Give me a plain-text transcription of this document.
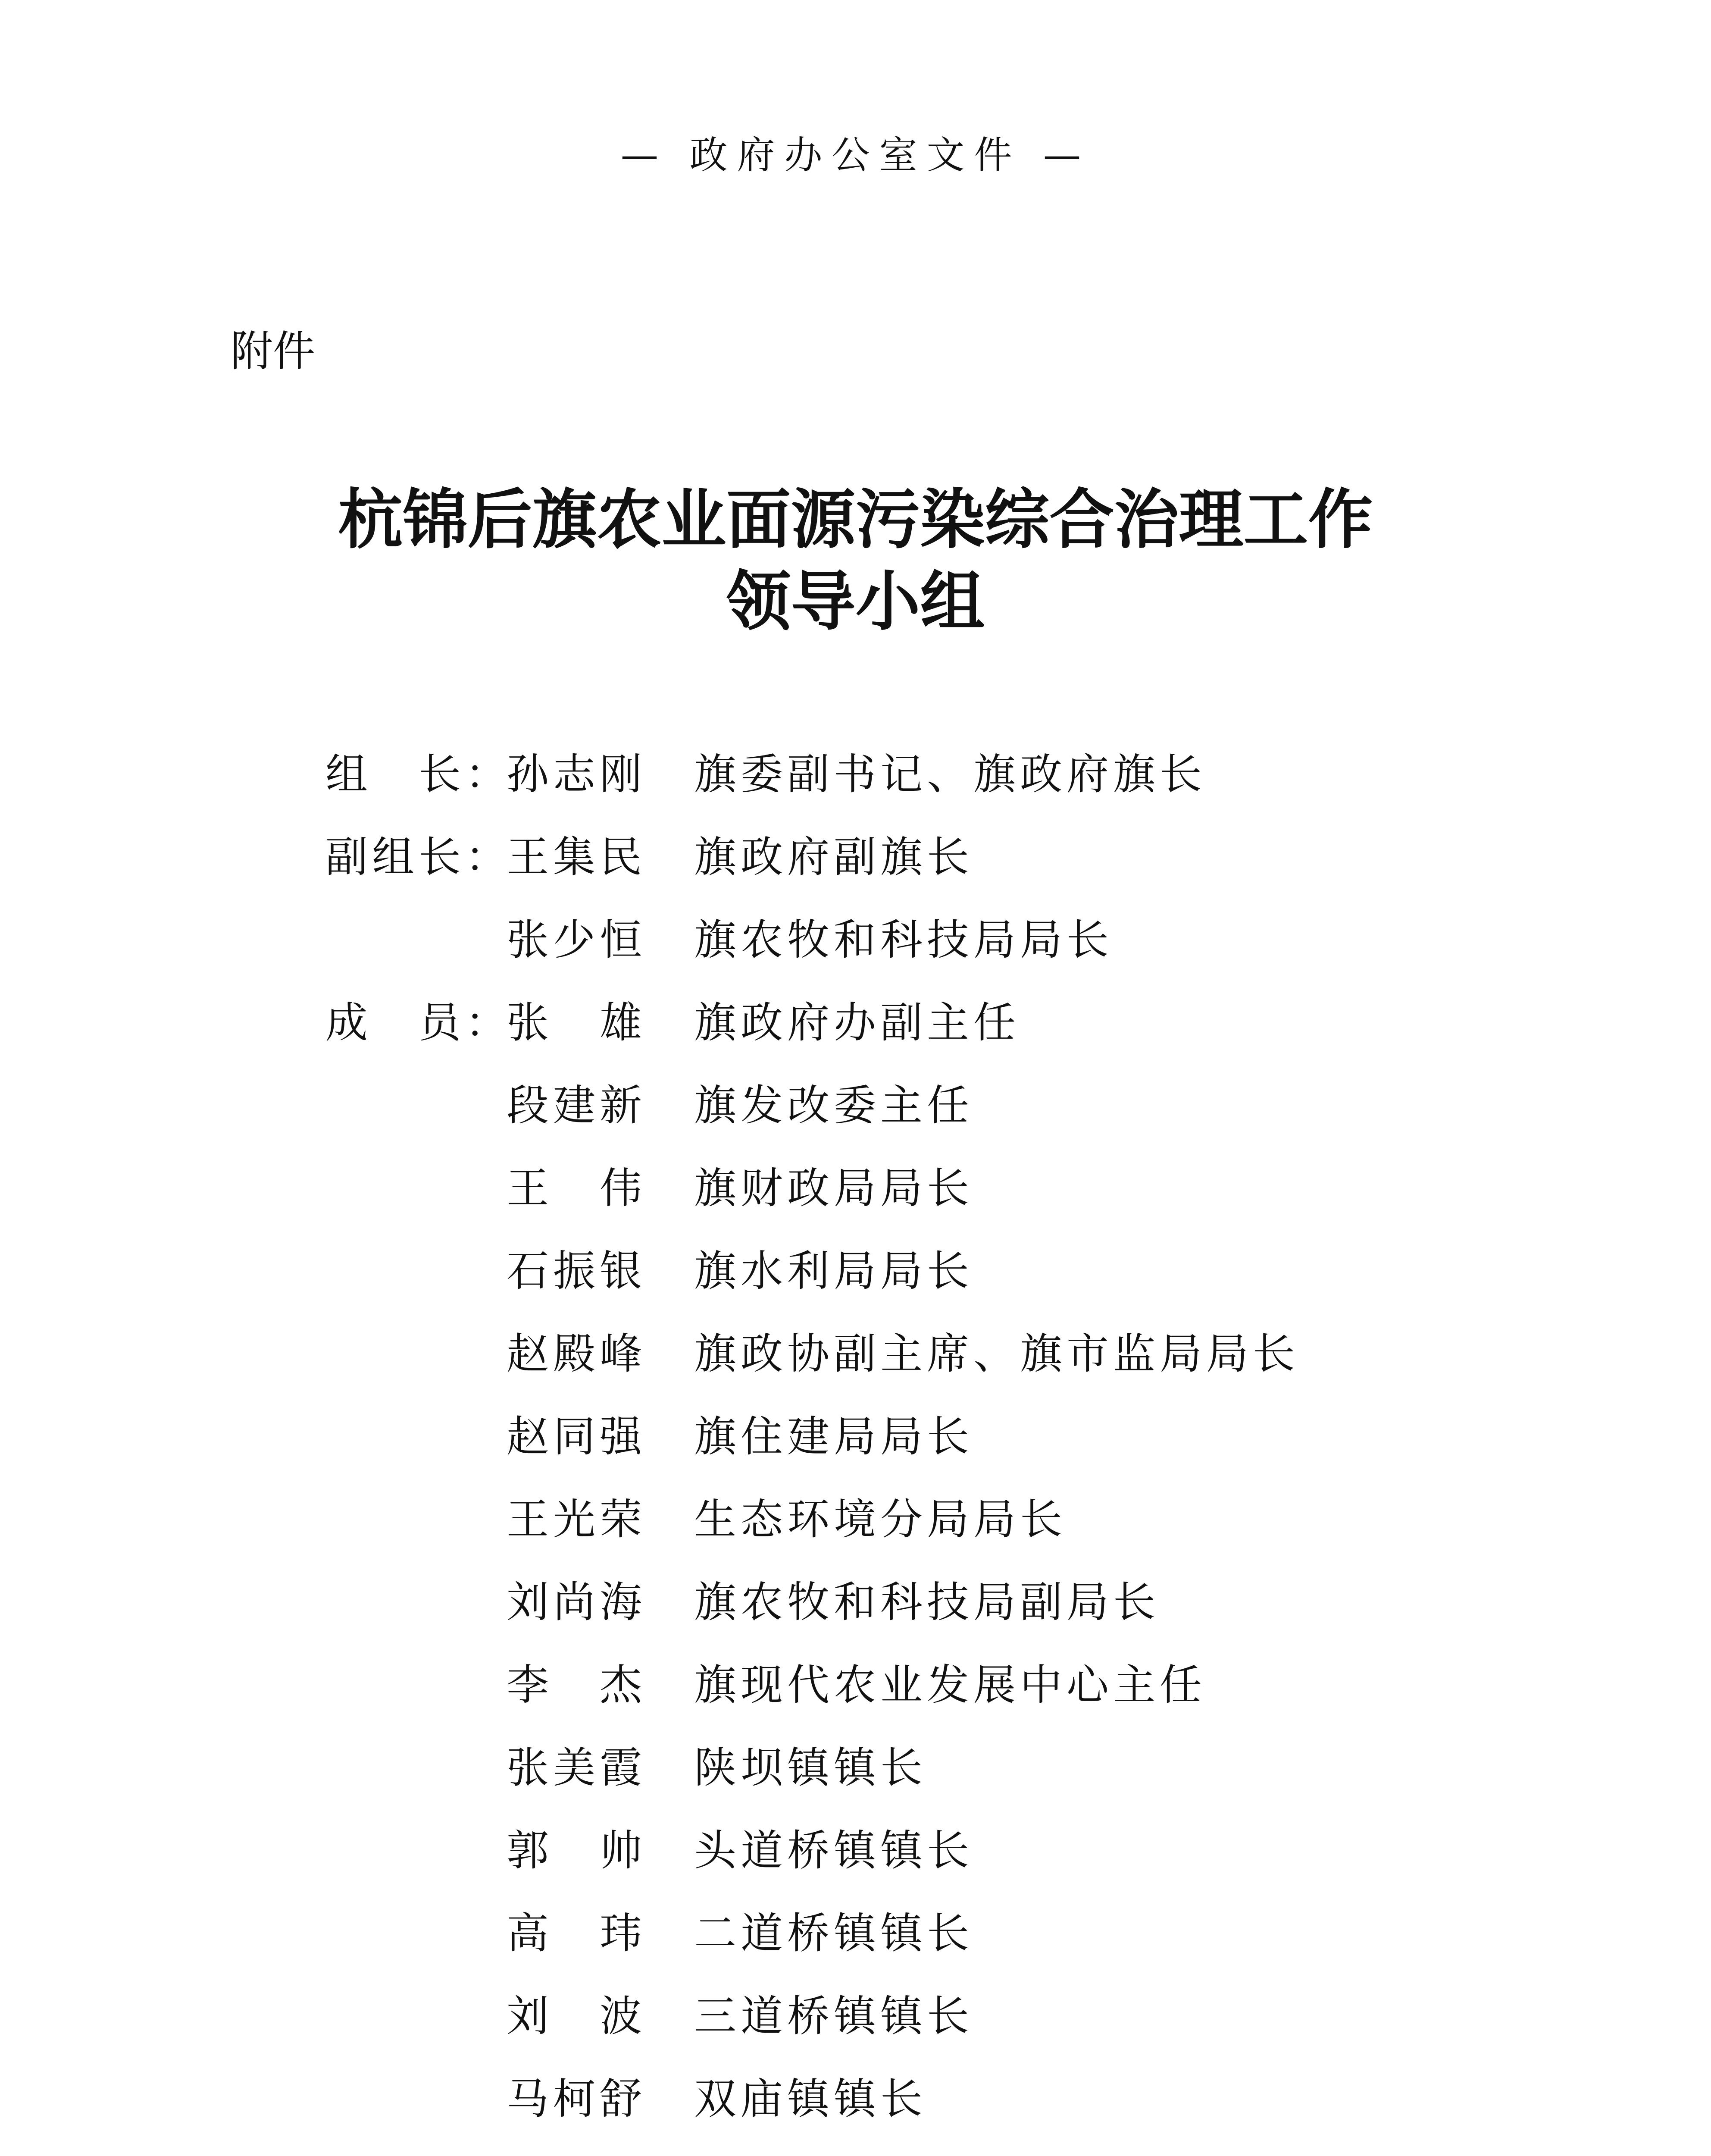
— 政府办公室文件 —
附件
杭锦后旗农业面源污染综合治理工作
领导小组
组　长：
孙志刚 旗委副书记、旗政府旗长
副组长：
王集民 旗政府副旗长
张少恒 旗农牧和科技局局长
成　员：
张　雄 旗政府办副主任
段建新 旗发改委主任
王　伟 旗财政局局长
石振银 旗水利局局长
赵殿峰 旗政协副主席、旗市监局局长
赵同强 旗住建局局长
王光荣 生态环境分局局长
刘尚海 旗农牧和科技局副局长
李　杰 旗现代农业发展中心主任
张美霞 陕坝镇镇长
郭　帅 头道桥镇镇长
高　玮 二道桥镇镇长
刘　波 三道桥镇镇长
马柯舒 双庙镇镇长
